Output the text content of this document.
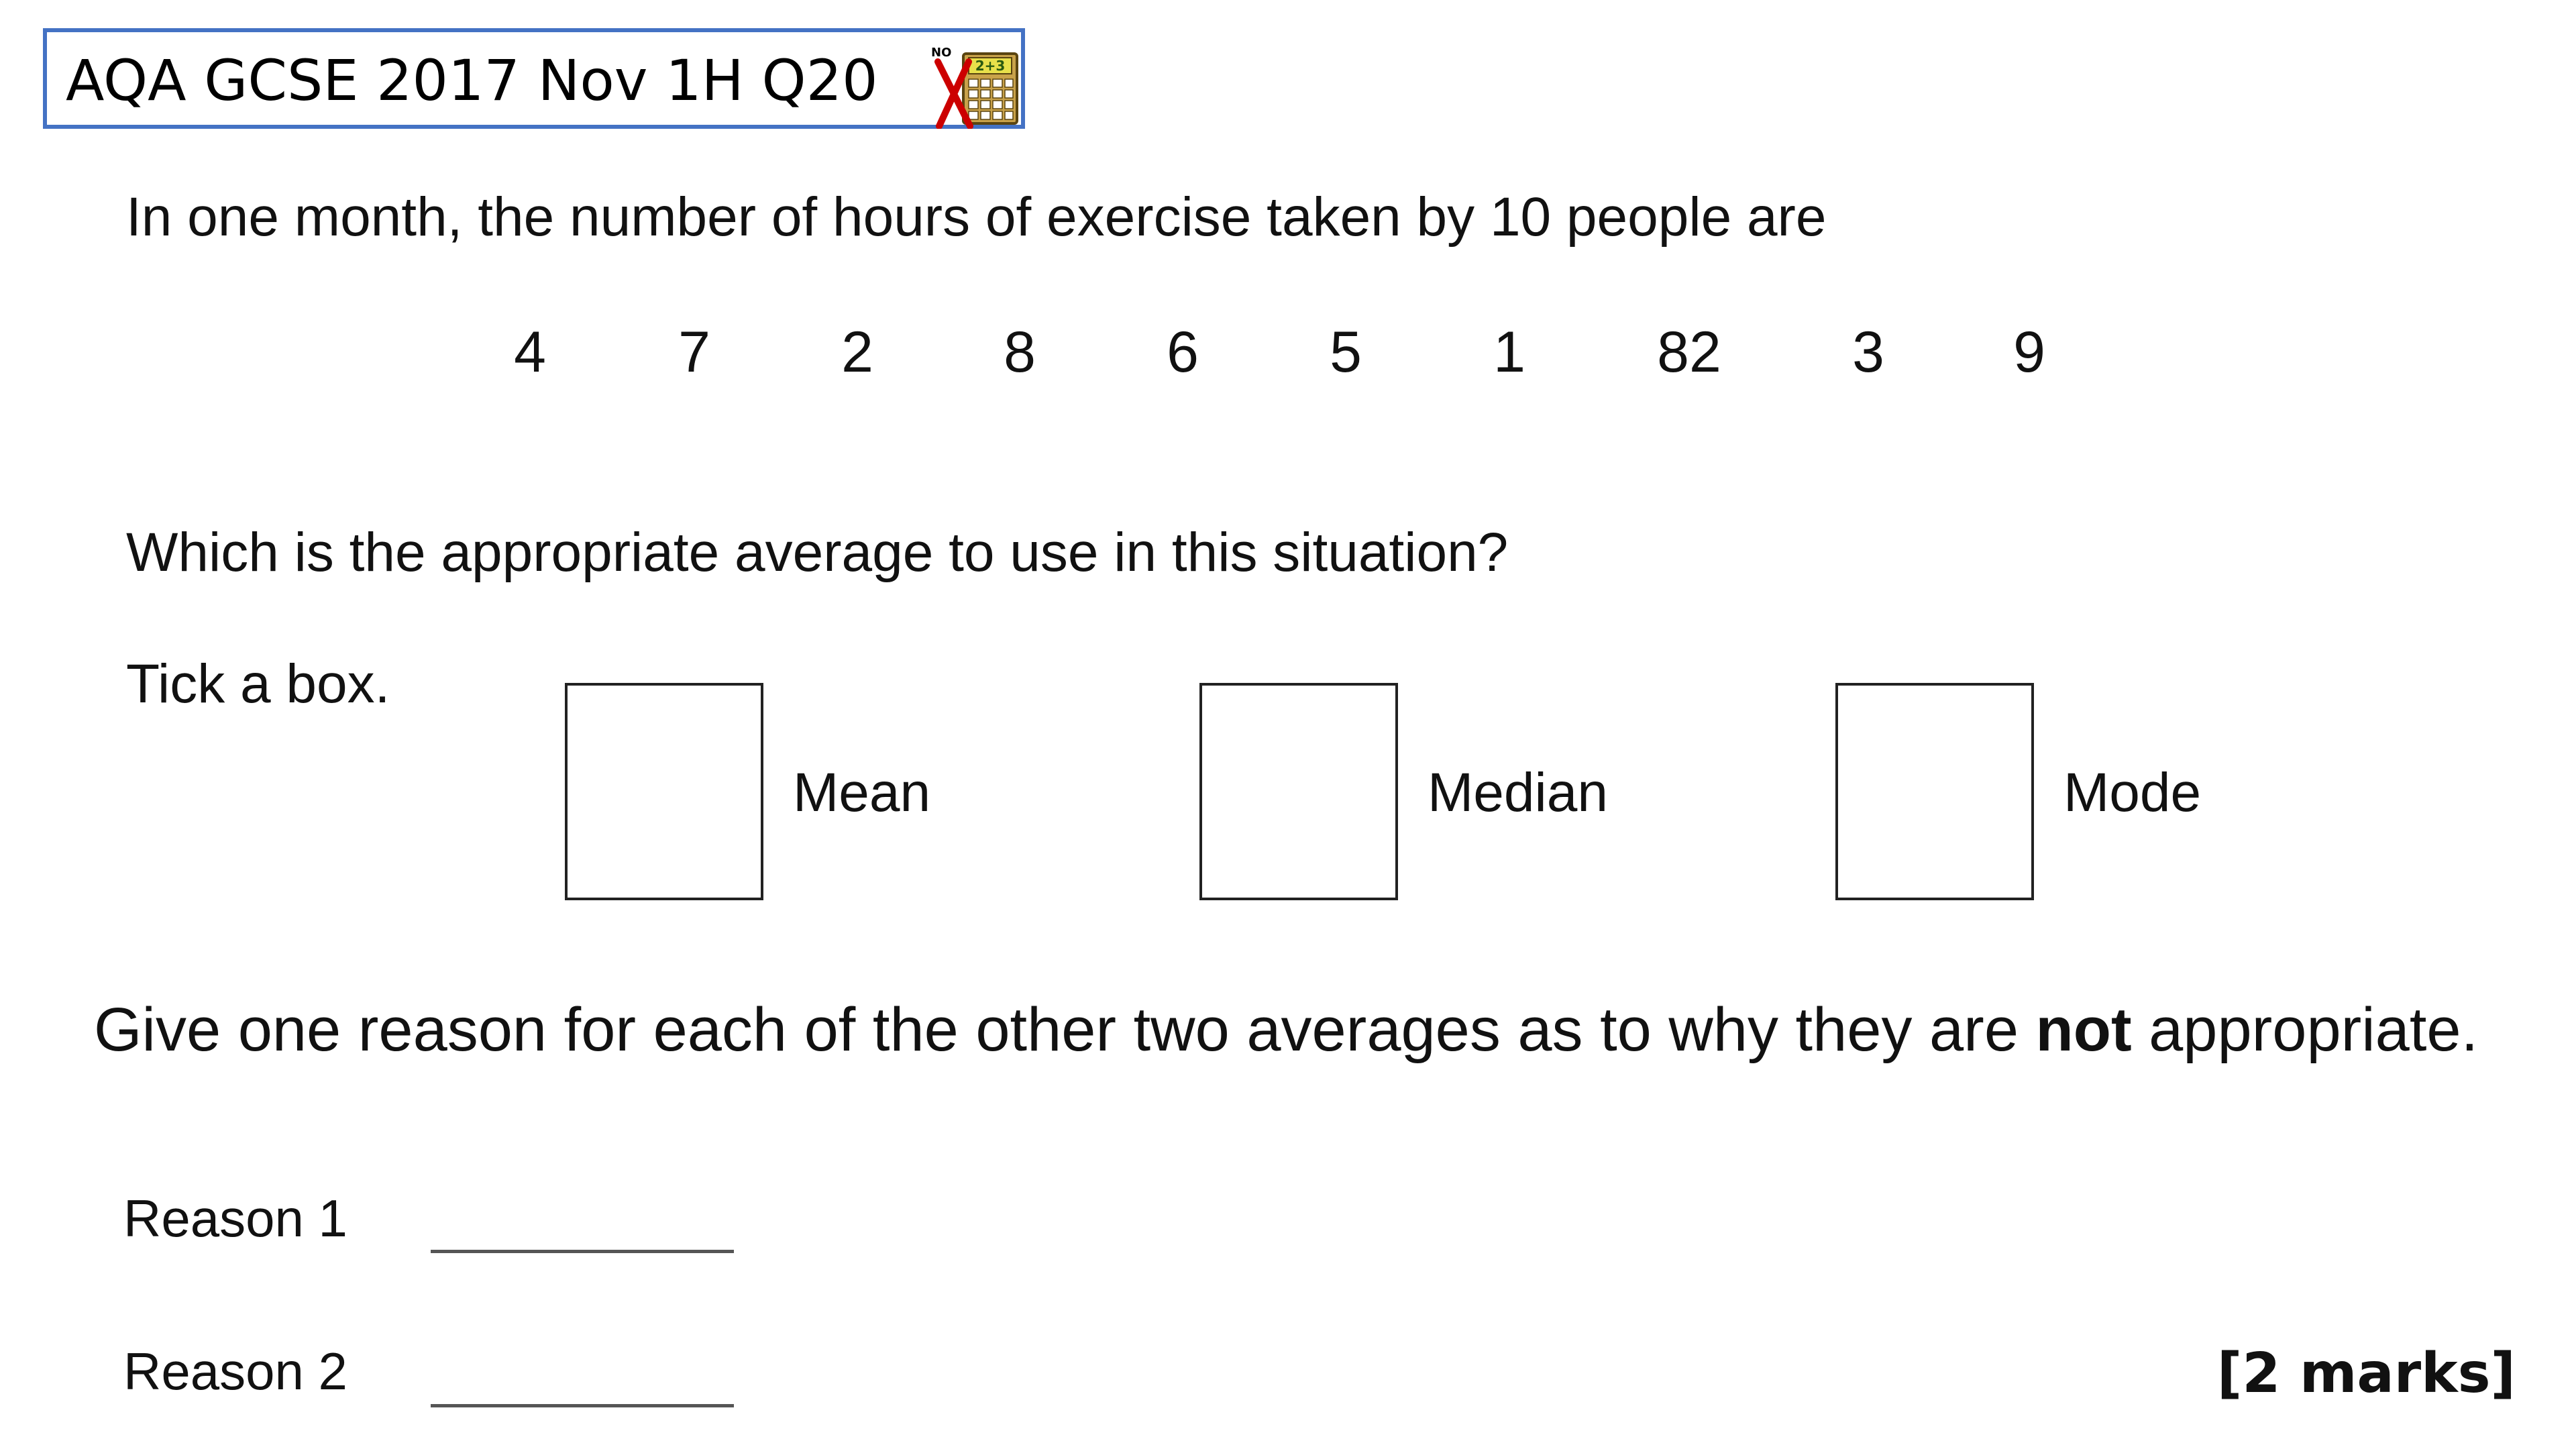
AQA GCSE 2017 Nov 1H Q20	2+3
NO
In one month, the number of hours of exercise taken by 10 people are
4 7 2 8 6 5 1 82 3 9
Which is the appropriate average to use in this situation?
Tick a box.
Mean	Median	Mode
Give one reason for each of the other two averages as to why they are not appropriate.
Reason 1
Reason 2	[2 marks]
